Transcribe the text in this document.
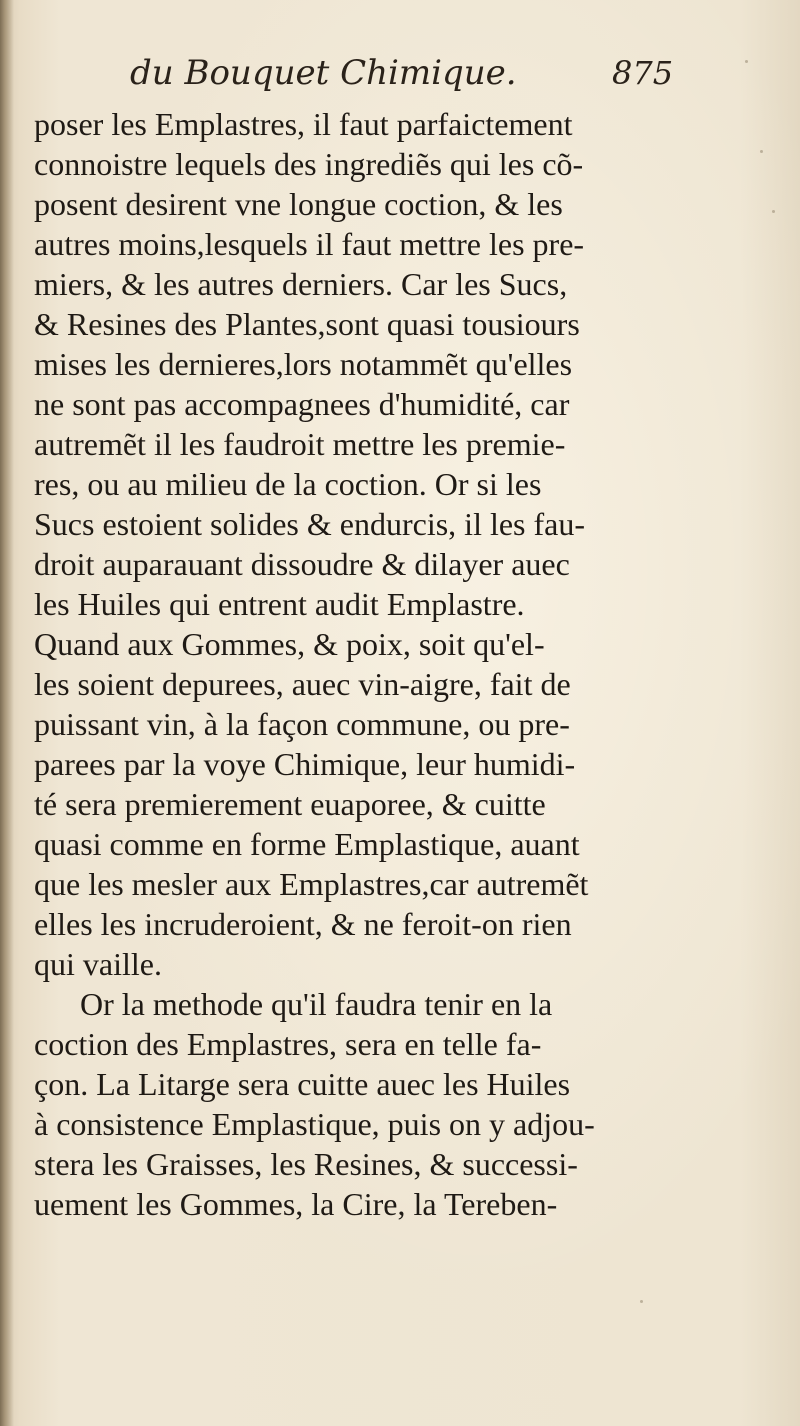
du Bouquet Chimique.	875
poser les Emplastres, il faut parfaictement
connoistre lequels des ingrediẽs qui les cõ-
posent desirent vne longue coction, & les
autres moins,lesquels il faut mettre les pre-
miers, & les autres derniers. Car les Sucs,
& Resines des Plantes,sont quasi tousiours
mises les dernieres,lors notammẽt qu'elles
ne sont pas accompagnees d'humidité, car
autremẽt il les faudroit mettre les premie-
res, ou au milieu de la coction. Or si les
Sucs estoient solides & endurcis, il les fau-
droit auparauant dissoudre & dilayer auec
les Huiles qui entrent audit Emplastre.
Quand aux Gommes, & poix, soit qu'el-
les soient depurees, auec vin-aigre, fait de
puissant vin, à la façon commune, ou pre-
parees par la voye Chimique, leur humidi-
té sera premierement euaporee, & cuitte
quasi comme en forme Emplastique, auant
que les mesler aux Emplastres,car autremẽt
elles les incruderoient, & ne feroit-on rien
qui vaille.
Or la methode qu'il faudra tenir en la
coction des Emplastres, sera en telle fa-
çon. La Litarge sera cuitte auec les Huiles
à consistence Emplastique, puis on y adjou-
stera les Graisses, les Resines, & successi-
uement les Gommes, la Cire, la Tereben-
